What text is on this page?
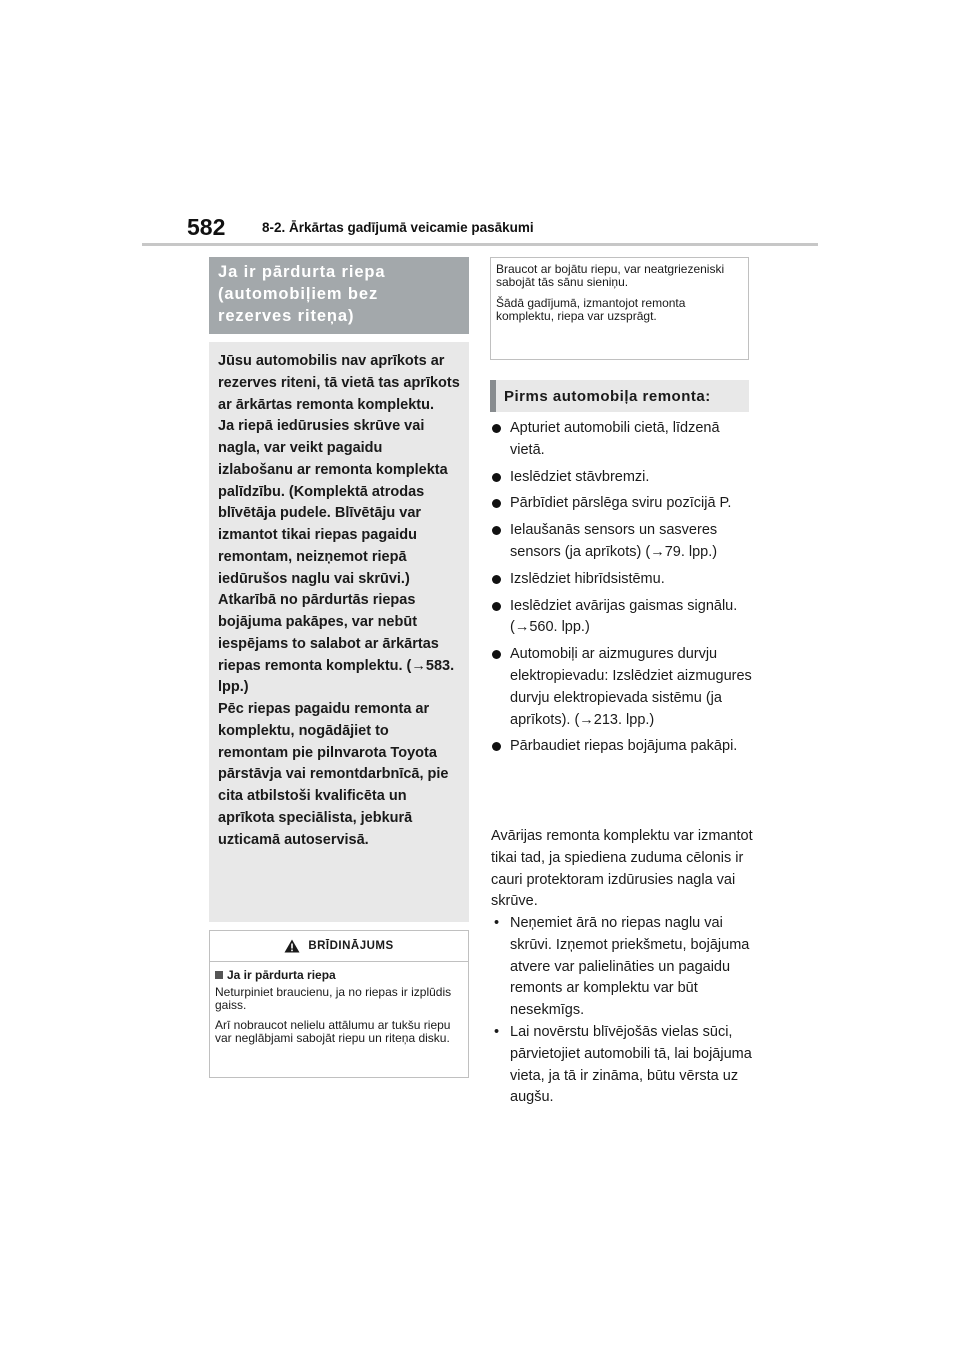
582	8-2. Ārkārtas gadījumā veicamie pasākumi
Ja ir pārdurta riepa
(automobiļiem bez
rezerves riteņa)

Jūsu automobilis nav aprīkots ar rezerves riteni, tā vietā tas aprīkots ar ārkārtas remonta komplektu.
Ja riepā iedūrusies skrūve vai nagla, var veikt pagaidu izlabošanu ar remonta komplekta palīdzību. (Komplektā atrodas blīvētāja pudele. Blīvētāju var izmantot tikai riepas pagaidu remontam, neizņemot riepā iedūrušos naglu vai skrūvi.) Atkarībā no pārdurtās riepas bojājuma pakāpes, var nebūt iespējams to salabot ar ārkārtas riepas remonta komplektu. (→583. lpp.)
Pēc riepas pagaidu remonta ar komplektu, nogādājiet to remontam pie pilnvarota Toyota pārstāvja vai remontdarbnīcā, pie cita atbilstoši kvalificēta un aprīkota speciālista, jebkurā uzticamā autoservisā.

BRĪDINĀJUMS
Ja ir pārdurta riepa

Neturpiniet braucienu, ja no riepas ir izplūdis gaiss.

Arī nobraucot nelielu attālumu ar tukšu riepu var neglābjami sabojāt riepu un riteņa disku.

Braucot ar bojātu riepu, var neatgriezeniski sabojāt tās sānu sieniņu.

Šādā gadījumā, izmantojot remonta komplektu, riepa var uzsprāgt.

Pirms automobiļa remonta:
Apturiet automobili cietā, līdzenā vietā.
Ieslēdziet stāvbremzi.
Pārbīdiet pārslēga sviru pozīcijā P.
Ielaušanās sensors un sasveres sensors (ja aprīkots) (→79. lpp.)
Izslēdziet hibrīdsistēmu.
Ieslēdziet avārijas gaismas signālu. (→560. lpp.)
Automobiļi ar aizmugures durvju elektropievadu: Izslēdziet aizmugures durvju elektropievada sistēmu (ja aprīkots). (→213. lpp.)
Pārbaudiet riepas bojājuma pakāpi.

Avārijas remonta komplektu var izmantot tikai tad, ja spiediena zuduma cēlonis ir cauri protektoram izdūrusies nagla vai skrūve.

• Neņemiet ārā no riepas naglu vai skrūvi. Izņemot priekšmetu, bojājuma atvere var palielināties un pagaidu remonts ar komplektu var būt nesekmīgs.
• Lai novērstu blīvējošās vielas sūci, pārvietojiet automobili tā, lai bojājuma vieta, ja tā ir zināma, būtu vērsta uz augšu.
